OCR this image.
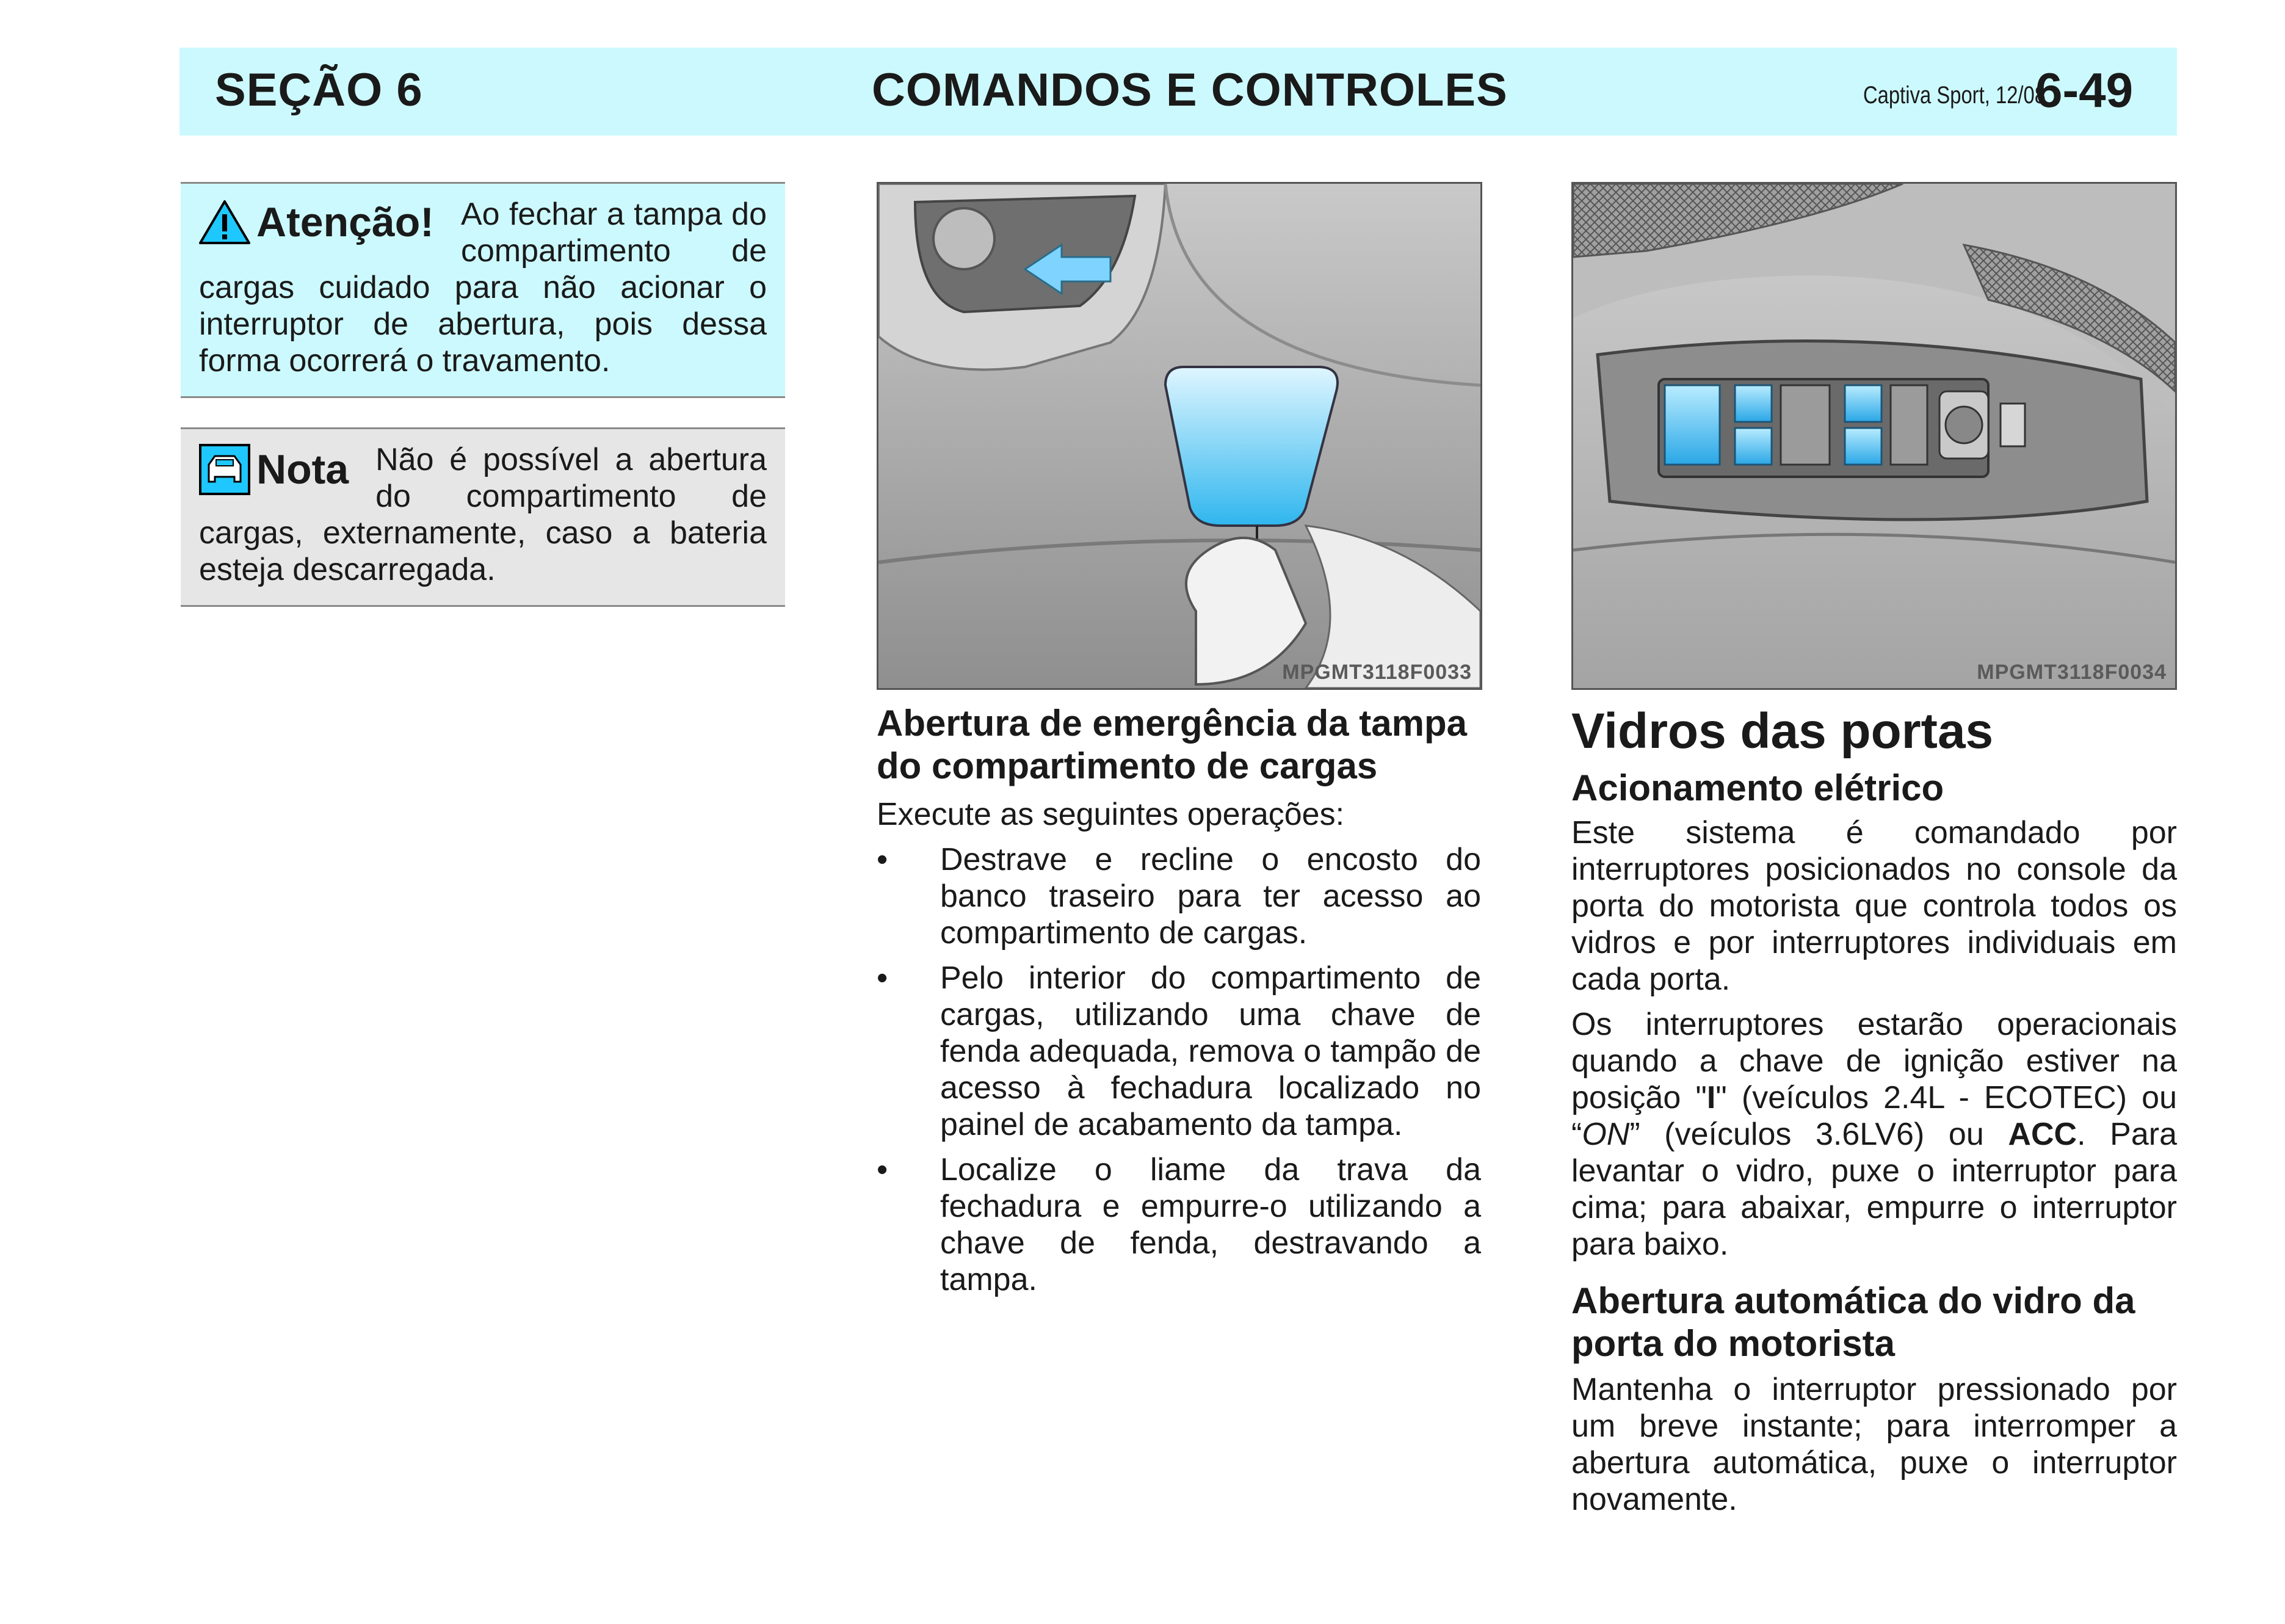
SEÇÃO 6	COMANDOS E CONTROLES	Captiva Sport, 12/08
6-49
Atenção! Ao fechar a tampa do compartimento de cargas cuidado para não acionar o interruptor de abertura, pois dessa forma ocorrerá o travamento.

Nota Não é possível a abertura do compartimento de cargas, externamente, caso a bateria esteja descarregada.

MPGMT3118F0033	MPGMT3118F0034
Abertura de emergência da tampa do compartimento de cargas

Execute as seguintes operações:

• Destrave e recline o encosto do banco traseiro para ter acesso ao compartimento de cargas.
• Pelo interior do compartimento de cargas, utilizando uma chave de fenda adequada, remova o tampão de acesso à fechadura localizado no painel de acabamento da tampa.
• Localize o liame da trava da fechadura e empurre-o utilizando a chave de fenda, destravando a tampa.
Vidros das portas
Acionamento elétrico

Este sistema é comandado por interruptores posicionados no console da porta do motorista que controla todos os vidros e por interruptores individuais em cada porta.

Os interruptores estarão operacionais quando a chave de ignição estiver na posição "I" (veículos 2.4L - ECOTEC) ou “ON” (veículos 3.6LV6) ou ACC. Para levantar o vidro, puxe o interruptor para cima; para abaixar, empurre o interruptor para baixo.

Abertura automática do vidro da porta do motorista

Mantenha o interruptor pressionado por um breve instante; para interromper a abertura automática, puxe o interruptor novamente.
